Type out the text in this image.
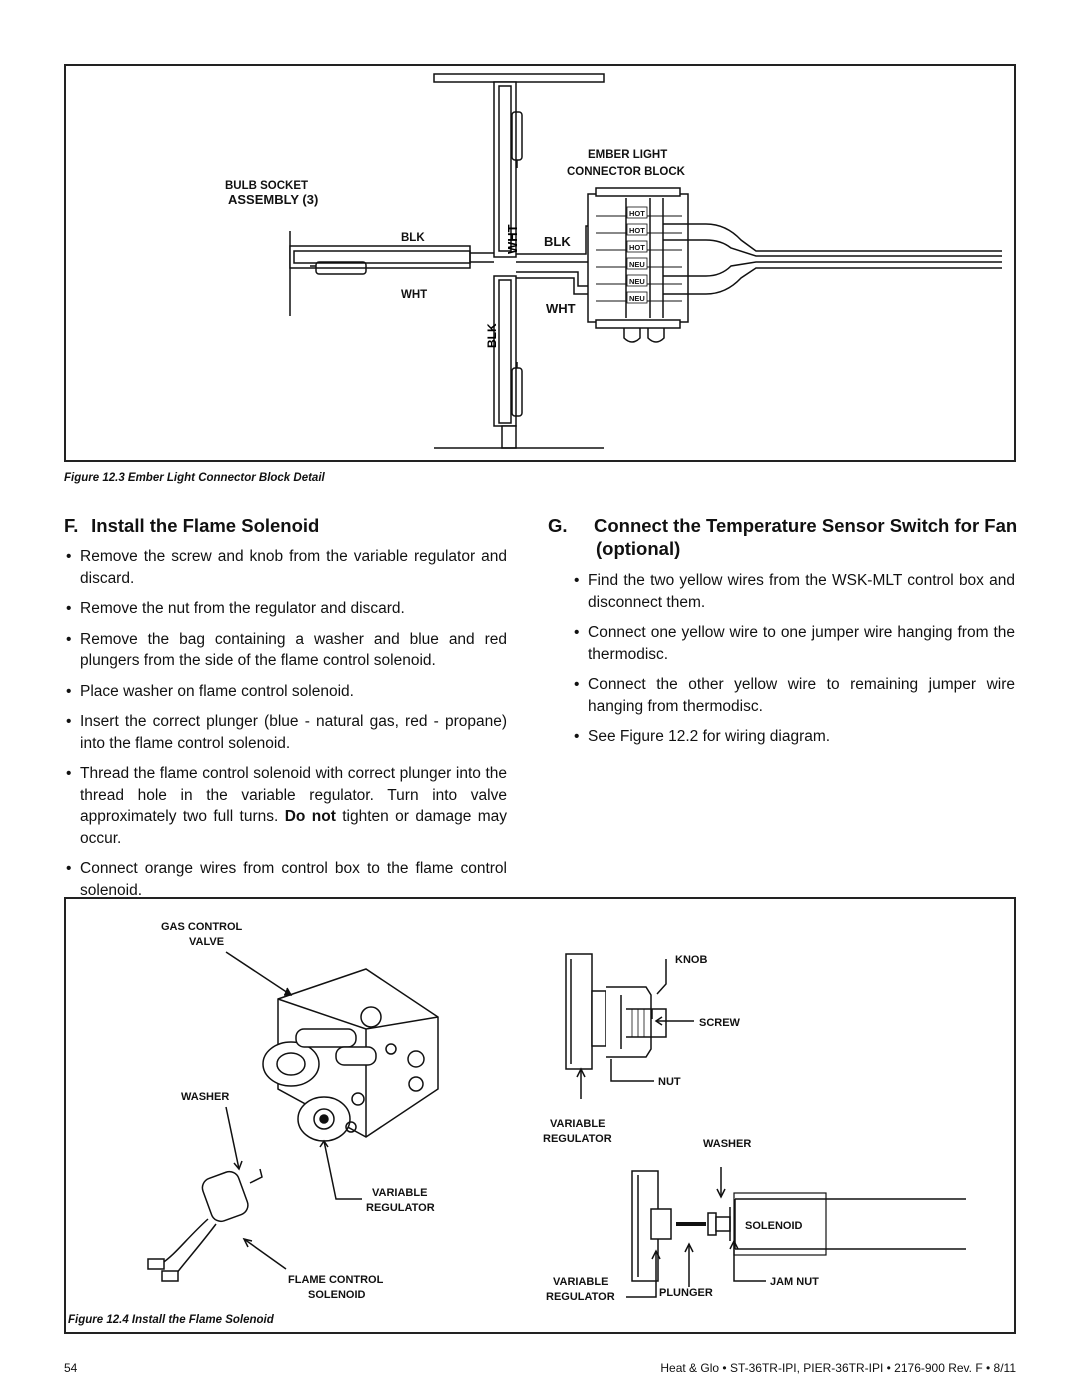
HOT
HOT
HOT
NEU
NEU
NEU
WHT
BLK
EMBER LIGHT
CONNECTOR BLOCK
BULB SOCKET
ASSEMBLY (3)
BLK
WHT
BLK
WHT
Figure 12.3 Ember Light Connector Block Detail
F. Install the Flame Solenoid
• Remove the screw and knob from the variable regulator and discard.
• Remove the nut from the regulator and discard.
• Remove the bag containing a washer and blue and red plungers from the side of the flame control solenoid.
• Place washer on flame control solenoid.
• Insert the correct plunger (blue - natural gas, red - propane) into the flame control solenoid.
• Thread the flame control solenoid with correct plunger into the thread hole in the variable regulator. Turn into valve approximately two full turns. Do not tighten or damage may occur.
• Connect orange wires from control box to the flame control solenoid.
G. Connect the Temperature Sensor Switch for Fan (optional)
• Find the two yellow wires from the WSK-MLT control box and disconnect them.
• Connect one yellow wire to one jumper wire hanging from the thermodisc.
• Connect the other yellow wire to remaining jumper wire hanging from thermodisc.
• See Figure 12.2 for wiring diagram.
GAS CONTROL
VALVE
WASHER
VARIABLE
REGULATOR
FLAME CONTROL
SOLENOID
KNOB
SCREW
NUT
VARIABLE
REGULATOR	WASHER
SOLENOID
VARIABLE
REGULATOR	PLUNGER
JAM NUT
Figure 12.4 Install the Flame Solenoid
54	Heat & Glo • ST-36TR-IPI, PIER-36TR-IPI • 2176-900 Rev. F • 8/11
